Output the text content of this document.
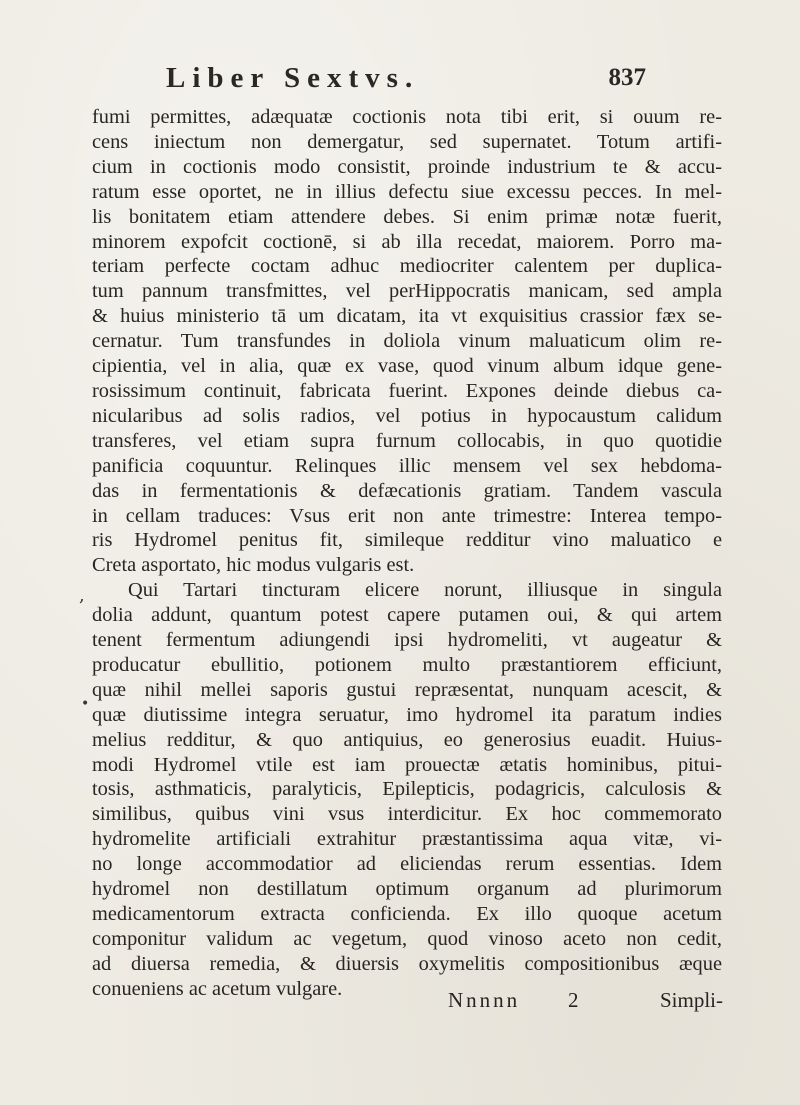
Liber Sextvs.	837
fumi permittes, adæquatæ coctionis nota tibi erit, si ouum re-
cens iniectum non demergatur, sed supernatet. Totum artifi-
cium in coctionis modo consistit, proinde industrium te & accu-
ratum esse oportet, ne in illius defectu siue excessu pecces. In mel-
lis bonitatem etiam attendere debes. Si enim primæ notæ fuerit,
minorem expofcit coctionē, si ab illa recedat, maiorem. Porro ma-
teriam perfecte coctam adhuc mediocriter calentem per duplica-
tum pannum transfmittes, vel perHippocratis manicam, sed ampla
& huius ministerio tā um dicatam, ita vt exquisitius crassior fæx se-
cernatur. Tum transfundes in doliola vinum maluaticum olim re-
cipientia, vel in alia, quæ ex vase, quod vinum album idque gene-
rosissimum continuit, fabricata fuerint. Expones deinde diebus ca-
nicularibus ad solis radios, vel potius in hypocaustum calidum
transferes, vel etiam supra furnum collocabis, in quo quotidie
panificia coquuntur. Relinques illic mensem vel sex hebdoma-
das in fermentationis & defæcationis gratiam. Tandem vascula
in cellam traduces: Vsus erit non ante trimestre: Interea tempo-
ris Hydromel penitus fit, simileque redditur vino maluatico e
Creta asportato, hic modus vulgaris est.
Qui Tartari tincturam elicere norunt, illiusque in singula
dolia addunt, quantum potest capere putamen oui, & qui artem
tenent fermentum adiungendi ipsi hydromeliti, vt augeatur &
producatur ebullitio, potionem multo præstantiorem efficiunt,
quæ nihil mellei saporis gustui repræsentat, nunquam acescit, &
quæ diutissime integra seruatur, imo hydromel ita paratum indies
melius redditur, & quo antiquius, eo generosius euadit. Huius-
modi Hydromel vtile est iam prouectæ ætatis hominibus, pitui-
tosis, asthmaticis, paralyticis, Epilepticis, podagricis, calculosis &
similibus, quibus vini vsus interdicitur. Ex hoc commemorato
hydromelite artificiali extrahitur præstantissima aqua vitæ, vi-
no longe accommodatior ad eliciendas rerum essentias. Idem
hydromel non destillatum optimum organum ad plurimorum
medicamentorum extracta conficienda. Ex illo quoque acetum
componitur validum ac vegetum, quod vinoso aceto non cedit,
ad diuersa remedia, & diuersis oxymelitis compositionibus æque
conueniens ac acetum vulgare.
,
•
Nnnnn 2	Simpli-
